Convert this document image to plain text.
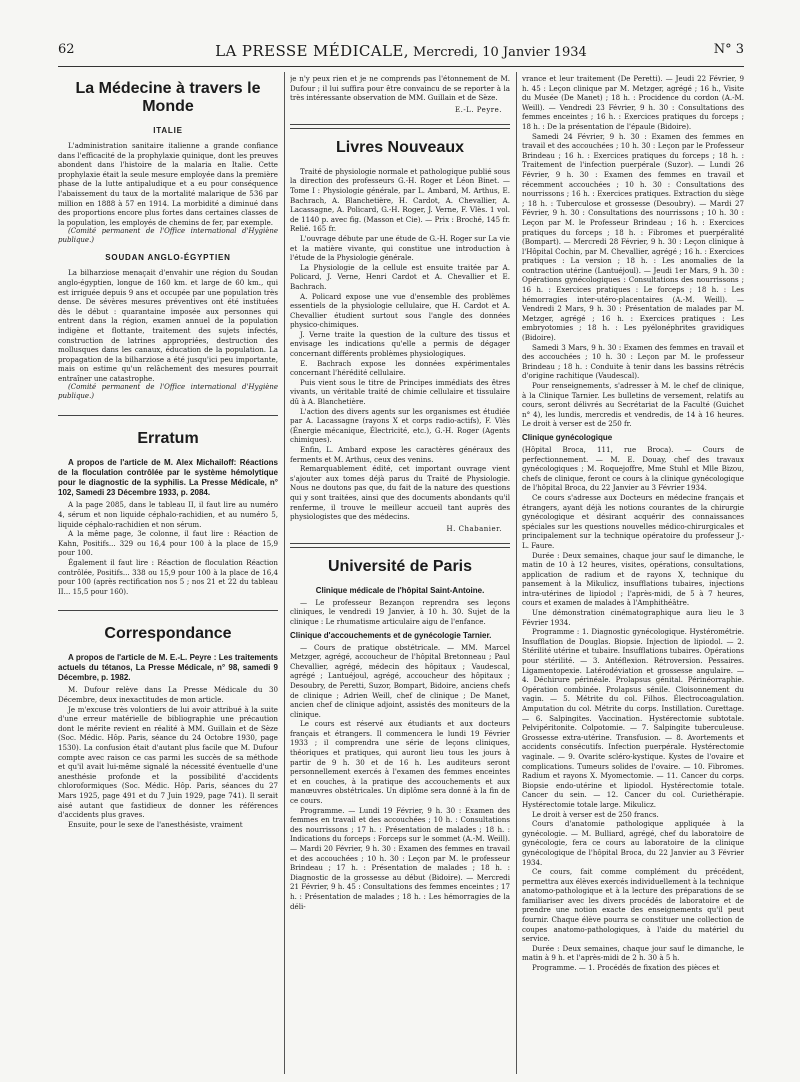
62	LA PRESSE MÉDICALE, Mercredi, 10 Janvier 1934	N° 3
La Médecine à travers le Monde
ITALIE

L'administration sanitaire italienne a grande confiance dans l'efficacité de la prophylaxie quinique, dont les preuves abondent dans l'histoire de la malaria en Italie. Cette prophylaxie était la seule mesure employée dans la première phase de la lutte antipaludique et a eu pour conséquence l'abaissement du taux de la mortalité malarique de 536 par million en 1888 à 57 en 1914. La morbidité a diminué dans des proportions encore plus fortes dans certaines classes de la population, les employés de chemins de fer, par exemple.

(Comité permanent de l'Office international d'Hygiène publique.)

SOUDAN ANGLO-ÉGYPTIEN

La bilharziose menaçait d'envahir une région du Soudan anglo-égyptien, longue de 160 km. et large de 60 km., qui est irriguée depuis 9 ans et occupée par une population très dense. De sévères mesures préventives ont été instituées dès le début : quarantaine imposée aux personnes qui entrent dans la région, examen annuel de la population indigène et flottante, traitement des sujets infectés, construction de latrines appropriées, destruction des mollusques dans les canaux, éducation de la population. La propagation de la bilharziose a été jusqu'ici peu importante, mais on estime qu'un relâchement des mesures pourrait entraîner une catastrophe.

(Comité permanent de l'Office international d'Hygiène publique.)

Erratum

A propos de l'article de M. Alex Michailoff: Réactions de la floculation contrôlée par le système hémolytique pour le diagnostic de la syphilis. La Presse Médicale, n° 102, Samedi 23 Décembre 1933, p. 2084.

A la page 2085, dans le tableau II, il faut lire au numéro 4, sérum et non liquide céphalo-rachidien, et au numéro 5, liquide céphalo-rachidien et non sérum.

A la même page, 3e colonne, il faut lire : Réaction de Kahn, Positifs... 329 ou 16,4 pour 100 à la place de 15,9 pour 100.

Également il faut lire : Réaction de floculation Réaction contrôlée, Positifs... 338 ou 15,9 pour 100 à la place de 16,4 pour 100 (après rectification nos 5 ; nos 21 et 22 du tableau II... 15,5 pour 160).

Correspondance

A propos de l'article de M. E.-L. Peyre : Les traitements actuels du tétanos, La Presse Médicale, n° 98, samedi 9 Décembre, p. 1982.

M. Dufour relève dans La Presse Médicale du 30 Décembre, deux inexactitudes de mon article.

Je m'excuse très volontiers de lui avoir attribué à la suite d'une erreur matérielle de bibliographie une précaution dont le mérite revient en réalité à MM. Guillain et de Sèze (Soc. Médic. Hôp. Paris, séance du 24 Octobre 1930, page 1530). La confusion était d'autant plus facile que M. Dufour compte avec raison ce cas parmi les succès de sa méthode et qu'il avait lui-même signalé la nécessité éventuelle d'une anesthésie profonde et la possibilité d'accidents chloroformiques (Soc. Médic. Hôp. Paris, séances du 27 Mars 1925, page 491 et du 7 Juin 1929, page 741). Il serait aisé autant que fastidieux de donner les références d'accidents plus graves.

Ensuite, pour le sexe de l'anesthésiste, vraiment

je n'y peux rien et je ne comprends pas l'étonnement de M. Dufour ; il lui suffira pour être convaincu de se reporter à la très intéressante observation de MM. Guillain et de Sèze.

E.-L. Peyre.
Livres Nouveaux

Traité de physiologie normale et pathologique publié sous la direction des professeurs G.-H. Roger et Léon Binet. — Tome I : Physiologie générale, par L. Ambard, M. Arthus, E. Bachrach, A. Blanchetière, H. Cardot, A. Chevallier, A. Lacassagne, A. Policard, G.-H. Roger, J. Verne, F. Vlès. 1 vol. de 1140 p. avec fig. (Masson et Cie). — Prix : Broché, 145 fr. Relié. 165 fr.

L'ouvrage débute par une étude de G.-H. Roger sur La vie et la matière vivante, qui constitue une introduction à l'étude de la Physiologie générale.

La Physiologie de la cellule est ensuite traitée par A. Policard, J. Verne, Henri Cardot et A. Chevallier et E. Bachrach.

A. Policard expose une vue d'ensemble des problèmes essentiels de la physiologie cellulaire, que H. Cardot et A. Chevallier étudient surtout sous l'angle des données physico-chimiques.

J. Verne traite la question de la culture des tissus et envisage les indications qu'elle a permis de dégager concernant différents problèmes physiologiques.

E. Bachrach expose les données expérimentales concernant l'hérédité cellulaire.

Puis vient sous le titre de Principes immédiats des êtres vivants, un véritable traité de chimie cellulaire et tissulaire dû à A. Blanchetière.

L'action des divers agents sur les organismes est étudiée par A. Lacassagne (rayons X et corps radio-actifs), F. Vlès (Énergie mécanique, Électricité, etc.), G.-H. Roger (Agents chimiques).

Enfin, L. Ambard expose les caractères généraux des ferments et M. Arthus, ceux des venins.

Remarquablement édité, cet important ouvrage vient s'ajouter aux tomes déjà parus du Traité de Physiologie. Nous ne doutons pas que, du fait de la nature des questions qui y sont traitées, ainsi que des documents abondants qu'il renferme, il trouve le meilleur accueil tant auprès des physiologistes que des médecins.

H. Chabanier.
Université de Paris
Clinique médicale de l'hôpital Saint-Antoine.

— Le professeur Bezançon reprendra ses leçons cliniques, le vendredi 19 Janvier, à 10 h. 30. Sujet de la clinique : Le rhumatisme articulaire aigu de l'enfance.

Clinique d'accouchements et de gynécologie Tarnier.

— Cours de pratique obstétricale. — MM. Marcel Metzger, agrégé, accoucheur de l'hôpital Bretonneau ; Paul Chevallier, agrégé, médecin des hôpitaux ; Vaudescal, agrégé ; Lantuéjoul, agrégé, accoucheur des hôpitaux ; Desoubry, de Peretti, Suzor, Bompart, Bidoire, anciens chefs de clinique ; Adrien Weill, chef de clinique ; De Manet, ancien chef de clinique adjoint, assistés des moniteurs de la clinique.

Le cours est réservé aux étudiants et aux docteurs français et étrangers. Il commencera le lundi 19 Février 1933 ; il comprendra une série de leçons cliniques, théoriques et pratiques, qui auront lieu tous les jours à partir de 9 h. 30 et de 16 h. Les auditeurs seront personnellement exercés à l'examen des femmes enceintes et en couches, à la pratique des accouchements et aux manœuvres obstétricales. Un diplôme sera donné à la fin de ce cours.

Programme. — Lundi 19 Février, 9 h. 30 : Examen des femmes en travail et des accouchées ; 10 h. : Consultations des nourrissons ; 17 h. : Présentation de malades ; 18 h. : Indications du forceps : Forceps sur le sommet (A.-M. Weill). — Mardi 20 Février, 9 h. 30 : Examen des femmes en travail et des accouchées ; 10 h. 30 : Leçon par M. le professeur Brindeau ; 17 h. : Présentation de malades ; 18 h. : Diagnostic de la grossesse au début (Bidoire). — Mercredi 21 Février, 9 h. 45 : Consultations des femmes enceintes ; 17 h. : Présentation de malades ; 18 h. : Les hémorragies de la déli-

vrance et leur traitement (De Peretti). — Jeudi 22 Février, 9 h. 45 : Leçon clinique par M. Metzger, agrégé ; 16 h., Visite du Musée (De Manet) ; 18 h. : Procidence du cordon (A.-M. Weill). — Vendredi 23 Février, 9 h. 30 : Consultations des femmes enceintes ; 16 h. : Exercices pratiques du forceps ; 18 h. : De la présentation de l'épaule (Bidoire).

Samedi 24 Février, 9 h. 30 : Examen des femmes en travail et des accouchées ; 10 h. 30 : Leçon par le Professeur Brindeau ; 16 h. : Exercices pratiques du forceps ; 18 h. : Traitement de l'infection puerpérale (Suzor). — Lundi 26 Février, 9 h. 30 : Examen des femmes en travail et récemment accouchées ; 10 h. 30 : Consultations des nourrissons ; 16 h. : Exercices pratiques. Extraction du siège ; 18 h. : Tuberculose et grossesse (Desoubry). — Mardi 27 Février, 9 h. 30 : Consultations des nourrissons ; 10 h. 30 : Leçon par M. le Professeur Brindeau ; 16 h. : Exercices pratiques du forceps ; 18 h. : Fibromes et puerpéralité (Bompart). — Mercredi 28 Février, 9 h. 30 : Leçon clinique à l'Hôpital Cochin, par M. Chevallier, agrégé ; 16 h. : Exercices pratiques : La version ; 18 h. : Les anomalies de la contraction utérine (Lantuéjoul). — Jeudi 1er Mars, 9 h. 30 : Opérations gynécologiques : Consultations des nourrissons ; 16 h. : Exercices pratiques : Le forceps ; 18 h. : Les hémorragies inter-utéro-placentaires (A.-M. Weill). — Vendredi 2 Mars, 9 h. 30 : Présentation de malades par M. Metzger, agrégé ; 16 h. : Exercices pratiques : Les embryotomies ; 18 h. : Les pyélonéphrites gravidiques (Bidoire).

Samedi 3 Mars, 9 h. 30 : Examen des femmes en travail et des accouchées ; 10 h. 30 : Leçon par M. le professeur Brindeau ; 18 h. : Conduite à tenir dans les bassins rétrécis d'origine rachitique (Vaudescal).

Pour renseignements, s'adresser à M. le chef de clinique, à la Clinique Tarnier. Les bulletins de versement, relatifs au cours, seront délivrés au Secrétariat de la Faculté (Guichet n° 4), les lundis, mercredis et vendredis, de 14 à 16 heures. Le droit à verser est de 250 fr.

Clinique gynécologique

(Hôpital Broca, 111, rue Broca). — Cours de perfectionnement. — M. E. Douay, chef des travaux gynécologiques ; M. Roquejoffre, Mme Stuhl et Mlle Bizou, chefs de clinique, feront ce cours à la clinique gynécologique de l'hôpital Broca, du 22 Janvier au 3 Février 1934.

Ce cours s'adresse aux Docteurs en médecine français et étrangers, ayant déjà les notions courantes de la chirurgie gynécologique et désirant acquérir des connaissances spéciales sur les questions nouvelles médico-chirurgicales et principalement sur la technique opératoire du professeur J.-L. Faure.

Durée : Deux semaines, chaque jour sauf le dimanche, le matin de 10 à 12 heures, visites, opérations, consultations, application de radium et de rayons X, technique du pansement à la Mikulicz, insufflations tubaires, injections intra-utérines de lipiodol ; l'après-midi, de 5 à 7 heures, cours et examen de malades à l'Amphithéâtre.

Une démonstration cinématographique aura lieu le 3 Février 1934.

Programme : 1. Diagnostic gynécologique. Hystérométrie. Insufflation de Douglas. Biopsie. Injection de lipiodol. — 2. Stérilité utérine et tubaire. Insufflations tubaires. Opérations pour stérilité. — 3. Antéflexion. Rétroversion. Pessaires. Ligamentopexie. Latérodéviation et grossesse angulaire. — 4. Déchirure périnéale. Prolapsus génital. Périnéorraphie. Opération combinée. Prolapsus sénile. Cloisonnement du vagin. — 5. Métrite du col. Filhos. Électrocoagulation. Amputation du col. Métrite du corps. Instillation. Curettage. — 6. Salpingites. Vaccination. Hystérectomie subtotale. Pelvipéritonite. Colpotomie. — 7. Salpingite tuberculeuse. Grossesse extra-utérine. Transfusion. — 8. Avortements et accidents consécutifs. Infection puerpérale. Hystérectomie vaginale. — 9. Ovarite scléro-kystique. Kystes de l'ovaire et complications. Tumeurs solides de l'ovaire. — 10. Fibromes. Radium et rayons X. Myomectomie. — 11. Cancer du corps. Biopsie endo-utérine et lipiodol. Hystérectomie totale. Cancer du sein. — 12. Cancer du col. Curiethérapie. Hystérectomie totale large. Mikulicz.

Le droit à verser est de 250 francs.

Cours d'anatomie pathologique appliquée à la gynécologie. — M. Bulliard, agrégé, chef du laboratoire de gynécologie, fera ce cours au laboratoire de la clinique gynécologique de l'hôpital Broca, du 22 Janvier au 3 Février 1934.

Ce cours, fait comme complément du précédent, permettra aux élèves exercés individuellement à la technique anatomo-pathologique et à la lecture des préparations de se familiariser avec les divers procédés de laboratoire et de prendre une notion exacte des enseignements qu'il peut fournir. Chaque élève pourra se constituer une collection de coupes anatomo-pathologiques, à l'aide du matériel du service.

Durée : Deux semaines, chaque jour sauf le dimanche, le matin à 9 h. et l'après-midi de 2 h. 30 à 5 h.

Programme. — 1. Procédés de fixation des pièces et
